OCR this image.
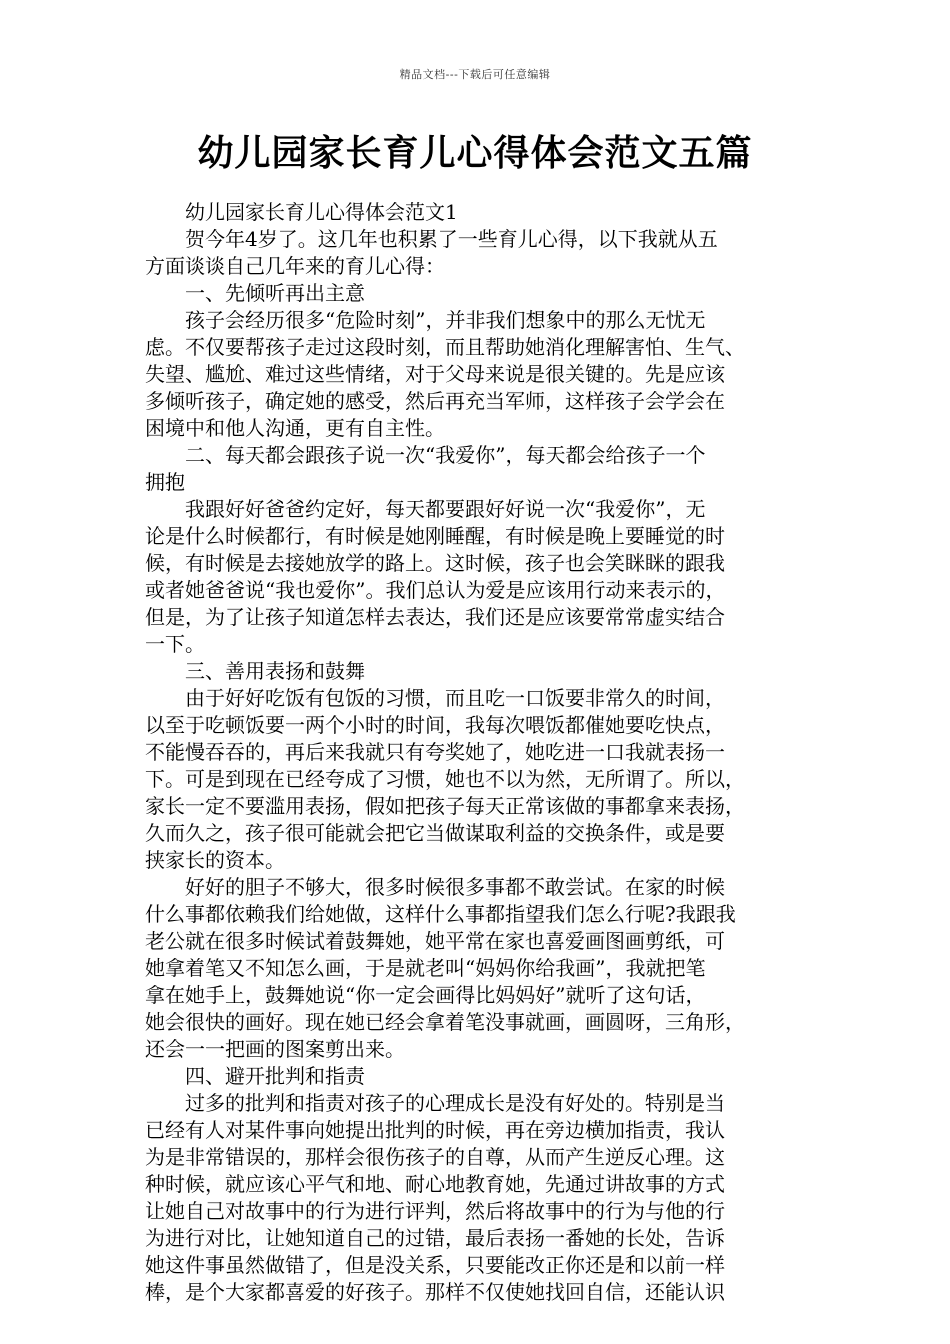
精品文档---下载后可任意编辑
幼儿园家长育儿心得体会范文五篇
　　幼儿园家长育儿心得体会范文1
　　贺今年4岁了。这几年也积累了一些育儿心得，以下我就从五
方面谈谈自己几年来的育儿心得：
　　一、先倾听再出主意
　　孩子会经历很多“危险时刻”，并非我们想象中的那么无忧无
虑。不仅要帮孩子走过这段时刻，而且帮助她消化理解害怕、生气、
失望、尴尬、难过这些情绪，对于父母来说是很关键的。先是应该
多倾听孩子，确定她的感受，然后再充当军师，这样孩子会学会在
困境中和他人沟通，更有自主性。
　　二、每天都会跟孩子说一次“我爱你”，每天都会给孩子一个
拥抱
　　我跟好好爸爸约定好，每天都要跟好好说一次“我爱你”，无
论是什么时候都行，有时候是她刚睡醒，有时候是晚上要睡觉的时
候，有时候是去接她放学的路上。这时候，孩子也会笑眯眯的跟我
或者她爸爸说“我也爱你”。我们总认为爱是应该用行动来表示的，
但是，为了让孩子知道怎样去表达，我们还是应该要常常虚实结合
一下。
　　三、善用表扬和鼓舞
　　由于好好吃饭有包饭的习惯，而且吃一口饭要非常久的时间，
以至于吃顿饭要一两个小时的时间，我每次喂饭都催她要吃快点，
不能慢吞吞的，再后来我就只有夸奖她了，她吃进一口我就表扬一
下。可是到现在已经夸成了习惯，她也不以为然，无所谓了。所以，
家长一定不要滥用表扬，假如把孩子每天正常该做的事都拿来表扬，
久而久之，孩子很可能就会把它当做谋取利益的交换条件，或是要
挟家长的资本。
　　好好的胆子不够大，很多时候很多事都不敢尝试。在家的时候
什么事都依赖我们给她做，这样什么事都指望我们怎么行呢?我跟我
老公就在很多时候试着鼓舞她，她平常在家也喜爱画图画剪纸，可
她拿着笔又不知怎么画，于是就老叫“妈妈你给我画”，我就把笔
拿在她手上，鼓舞她说“你一定会画得比妈妈好”就听了这句话，
她会很快的画好。现在她已经会拿着笔没事就画，画圆呀，三角形，
还会一一把画的图案剪出来。
　　四、避开批判和指责
　　过多的批判和指责对孩子的心理成长是没有好处的。特别是当
已经有人对某件事向她提出批判的时候，再在旁边横加指责，我认
为是非常错误的，那样会很伤孩子的自尊，从而产生逆反心理。这
种时候，就应该心平气和地、耐心地教育她，先通过讲故事的方式
让她自己对故事中的行为进行评判，然后将故事中的行为与他的行
为进行对比，让她知道自己的过错，最后表扬一番她的长处，告诉
她这件事虽然做错了，但是没关系，只要能改正你还是和以前一样
棒，是个大家都喜爱的好孩子。那样不仅使她找回自信，还能认识
